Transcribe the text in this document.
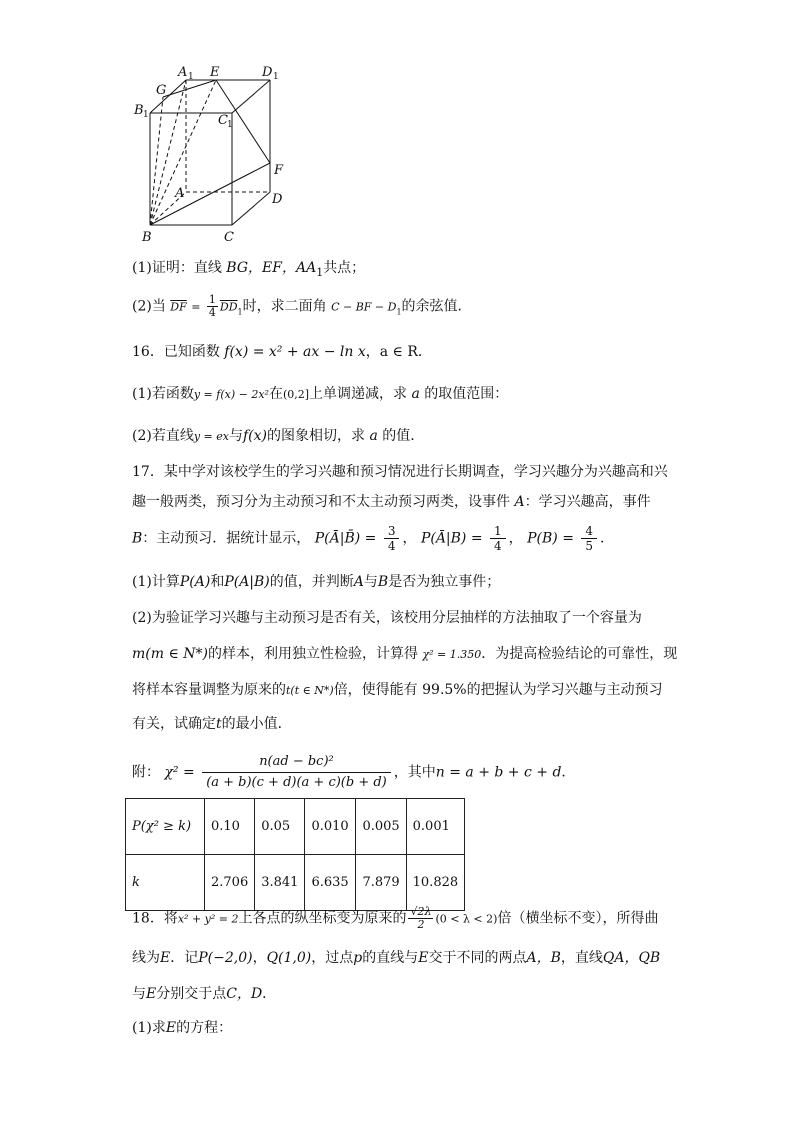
A 1 E	D 1
G
B 1	C 1
F
A	D
B	C
(1)证明：直线 BG，EF，$AA_1$共点；
(2)当 $\overline{DF} = \frac{1}{4} \overline{DD}_1$时，求二面角 C − BF − $D_1$的余弦值.
16．已知函数 f(x) = x² + ax − ln x，a ∈ R．
(1)若函数y = f(x) − 2x²在(0,2]上单调递减，求 a 的取值范围：
(2)若直线y = ex与f(x)的图象相切，求 a 的值.
17．某中学对该校学生的学习兴趣和预习情况进行长期调查，学习兴趣分为兴趣高和兴
趣一般两类，预习分为主动预习和不太主动预习两类，设事件 A：学习兴趣高，事件
B：主动预习．据统计显示， P(Ā|B̄) = $\frac{3}{4}$ ， P(Ā|B) = $\frac{1}{4}$ ， $P(B) = \frac{4}{5}$ ．
(1)计算P(A)和P(A|B)的值，并判断A与B是否为独立事件；
(2)为验证学习兴趣与主动预习是否有关，该校用分层抽样的方法抽取了一个容量为
m(m ∈ N*)的样本，利用独立性检验，计算得 χ² = 1.350．为提高检验结论的可靠性，现
将样本容量调整为原来的t(t ∈ N*)倍，使得能有 99.5%的把握认为学习兴趣与主动预习
有关，试确定t的最小值．
附： $\chi^2 = \frac{\text{n(ad − bc)²}}{(a + b)(c + d)(a + c)(b + d)}$ ，其中n = a + b + c + d．
P(χ² ≥ k)	0.10	0.05	0.010	0.005	0.001
k	2.706	3.841	6.635	7.879	10.828
18．将x² + y² = 2上各点的纵坐标变为原来的 $\frac{√2\lambda}{2} (0 < \lambda < 2)$倍（横坐标不变），所得曲
线为E．记P(−2,0)，Q(1,0)，过点p的直线与E交于不同的两点A，B，直线QA，QB
与E分别交于点C，D．
(1)求E的方程：
